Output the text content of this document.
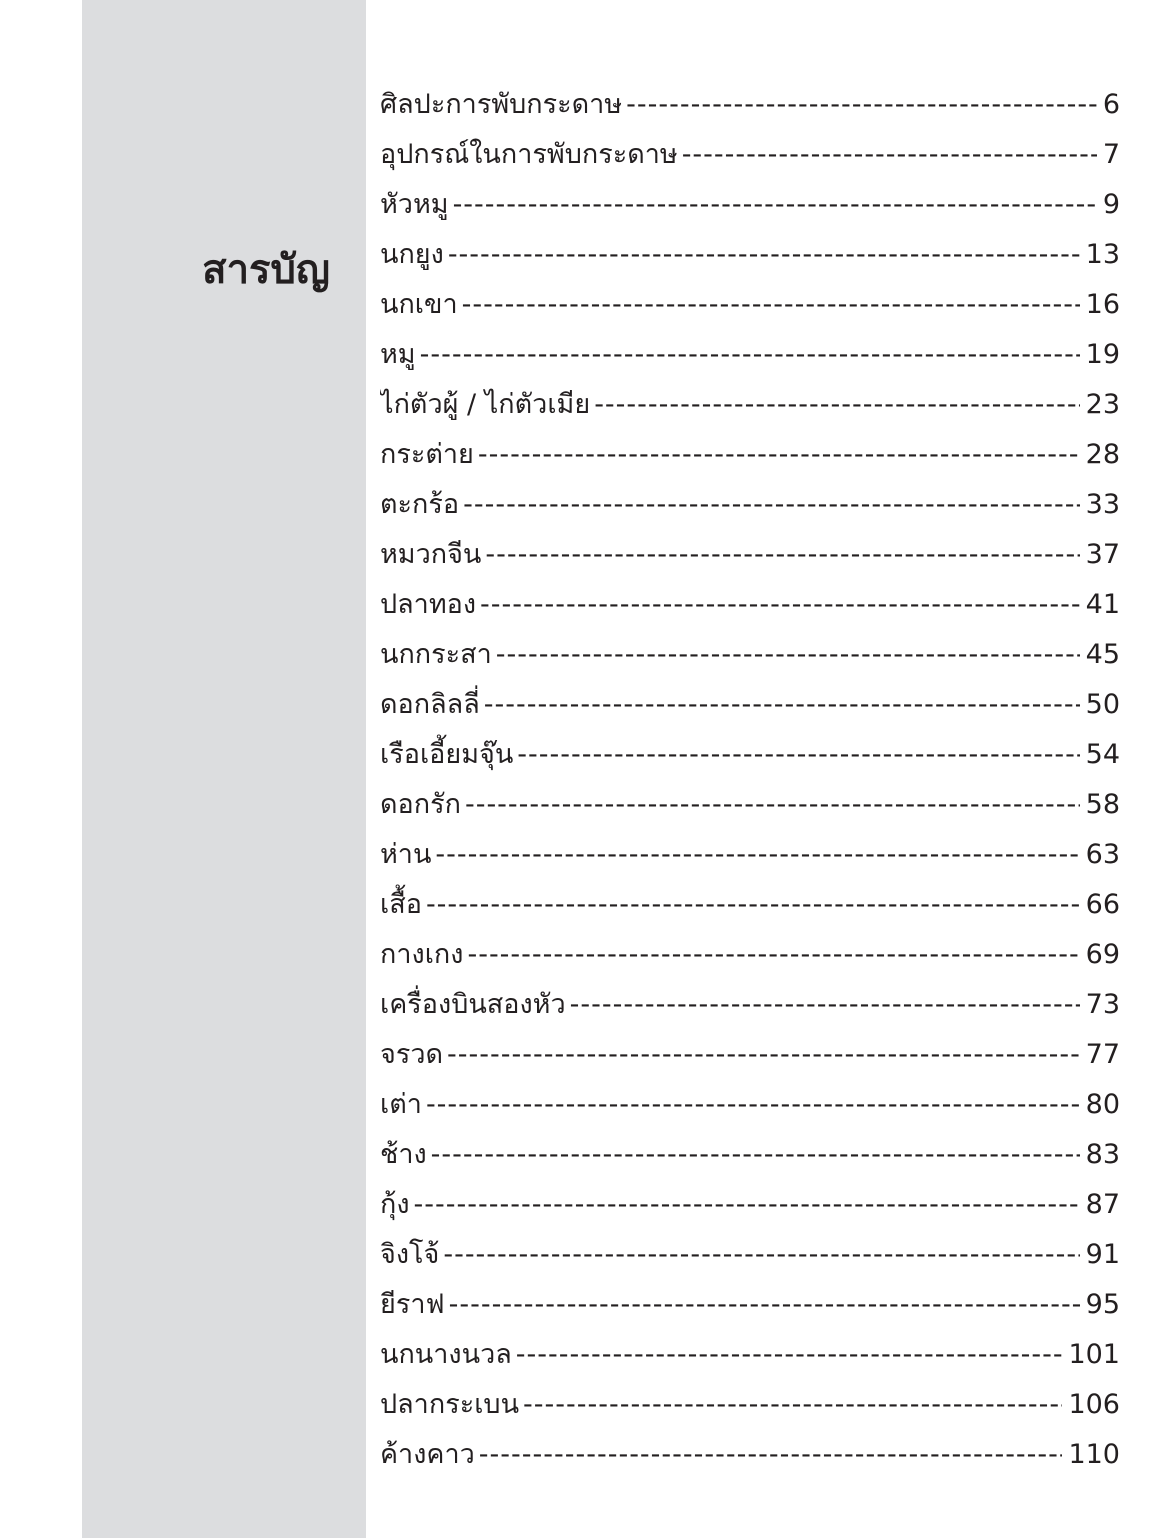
สารบัญ
ศิลปะการพับกระดาษ -----	6
อุปกรณ์ในการพับกระดาษ -----	7
หัวหมู -----	9
นกยูง -----	13
นกเขา -----	16
หมู -----	19
ไก่ตัวผู้ / ไก่ตัวเมีย -----	23
กระต่าย -----	28
ตะกร้อ -----	33
หมวกจีน -----	37
ปลาทอง -----	41
นกกระสา -----	45
ดอกลิลลี่ -----	50
เรือเอี้ยมจุ๊น -----	54
ดอกรัก -----	58
ห่าน -----	63
เสื้อ -----	66
กางเกง -----	69
เครื่องบินสองหัว -----	73
จรวด -----	77
เต่า -----	80
ช้าง -----	83
กุ้ง -----	87
จิงโจ้ -----	91
ยีราฟ -----	95
นกนางนวล -----	101
ปลากระเบน -----	106
ค้างคาว -----	110
